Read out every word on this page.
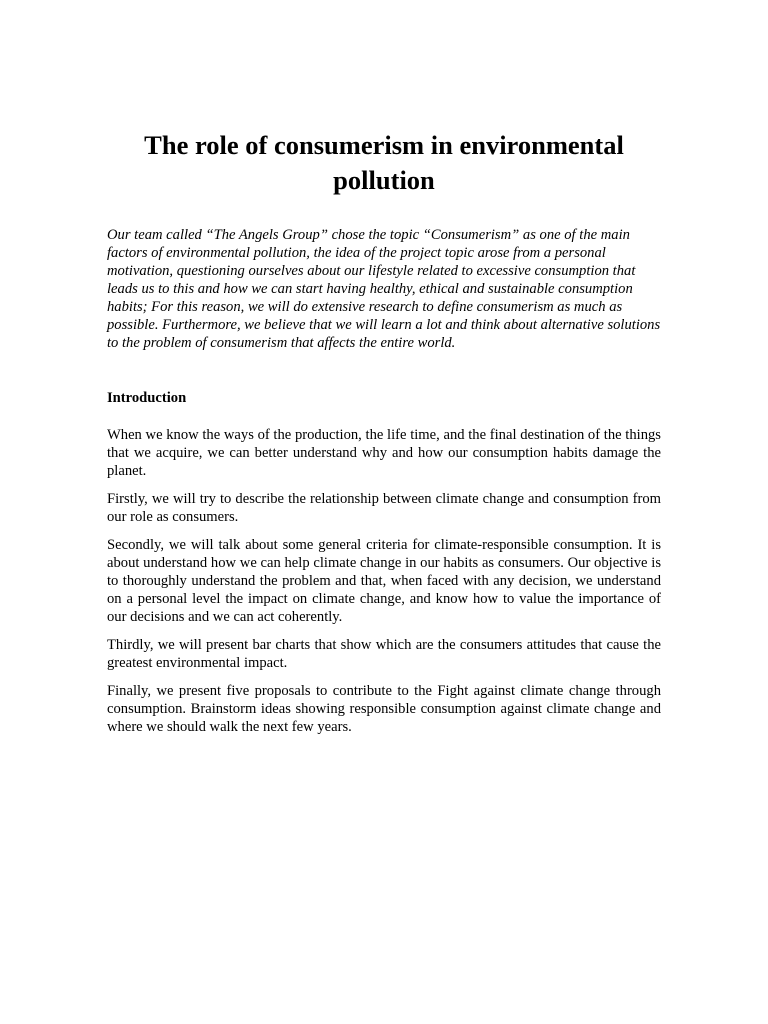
The role of consumerism in environmental pollution

Our team called “The Angels Group” chose the topic “Consumerism” as one of the main factors of environmental pollution, the idea of the project topic arose from a personal motivation, questioning ourselves about our lifestyle related to excessive consumption that leads us to this and how we can start having healthy, ethical and sustainable consumption habits; For this reason, we will do extensive research to define consumerism as much as possible. Furthermore, we believe that we will learn a lot and think about alternative solutions to the problem of consumerism that affects the entire world.

Introduction

When we know the ways of the production, the life time, and the final destination of the things that we acquire, we can better understand why and how our consumption habits damage the planet.

Firstly, we will try to describe the relationship between climate change and consumption from our role as consumers.

Secondly, we will talk about some general criteria for climate-responsible consumption. It is about understand how we can help climate change in our habits as consumers. Our objective is to thoroughly understand the problem and that, when faced with any decision, we understand on a personal level the impact on climate change, and know how to value the importance of our decisions and we can act coherently.

Thirdly, we will present bar charts that show which are the consumers attitudes that cause the greatest environmental impact.

Finally, we present five proposals to contribute to the Fight against climate change through consumption. Brainstorm ideas showing responsible consumption against climate change and where we should walk the next few years.
